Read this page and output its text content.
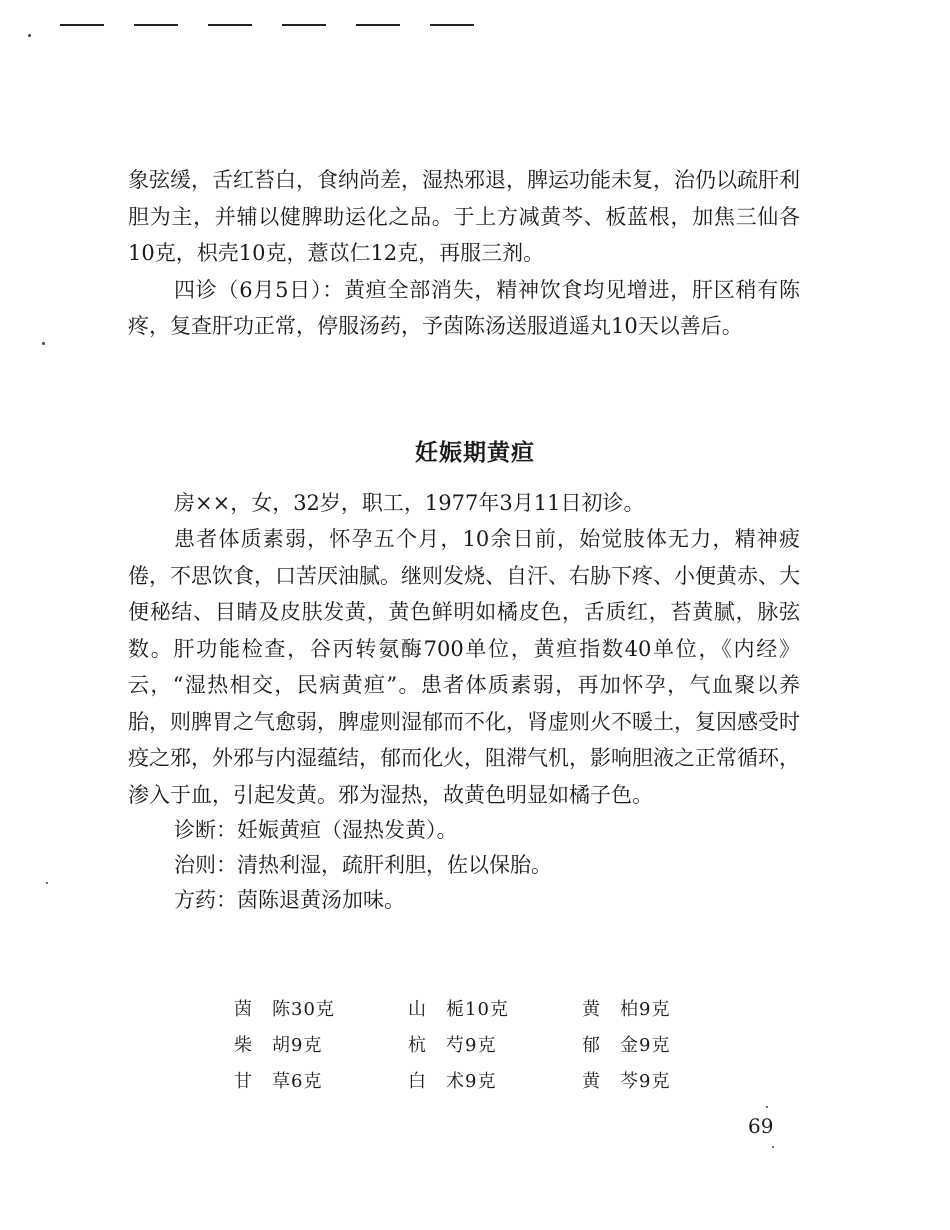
象弦缓，舌红苔白，食纳尚差，湿热邪退，脾运功能未复，治仍以疏肝利胆为主，并辅以健脾助运化之品。于上方减黄芩、板蓝根，加焦三仙各10克，枳壳10克，薏苡仁12克，再服三剂。

四诊（6月5日）：黄疸全部消失，精神饮食均见增进，肝区稍有陈疼，复查肝功正常，停服汤药，予茵陈汤送服逍遥丸10天以善后。

妊娠期黄疸

房××，女，32岁，职工，1977年3月11日初诊。

患者体质素弱，怀孕五个月，10余日前，始觉肢体无力，精神疲倦，不思饮食，口苦厌油腻。继则发烧、自汗、右胁下疼、小便黄赤、大便秘结、目睛及皮肤发黄，黄色鲜明如橘皮色，舌质红，苔黄腻，脉弦数。肝功能检查，谷丙转氨酶700单位，黄疸指数40单位，《内经》云，“湿热相交，民病黄疸”。患者体质素弱，再加怀孕，气血聚以养胎，则脾胃之气愈弱，脾虚则湿郁而不化，肾虚则火不暖土，复因感受时疫之邪，外邪与内湿蕴结，郁而化火，阻滞气机，影响胆液之正常循环，渗入于血，引起发黄。邪为湿热，故黄色明显如橘子色。

诊断：妊娠黄疸（湿热发黄）。

治则：清热利湿，疏肝利胆，佐以保胎。

方药：茵陈退黄汤加味。

茵　陈30克	山　栀10克	黄　柏9克
柴　胡9克	杭　芍9克	郁　金9克
甘　草6克	白　术9克	黄　芩9克

69
